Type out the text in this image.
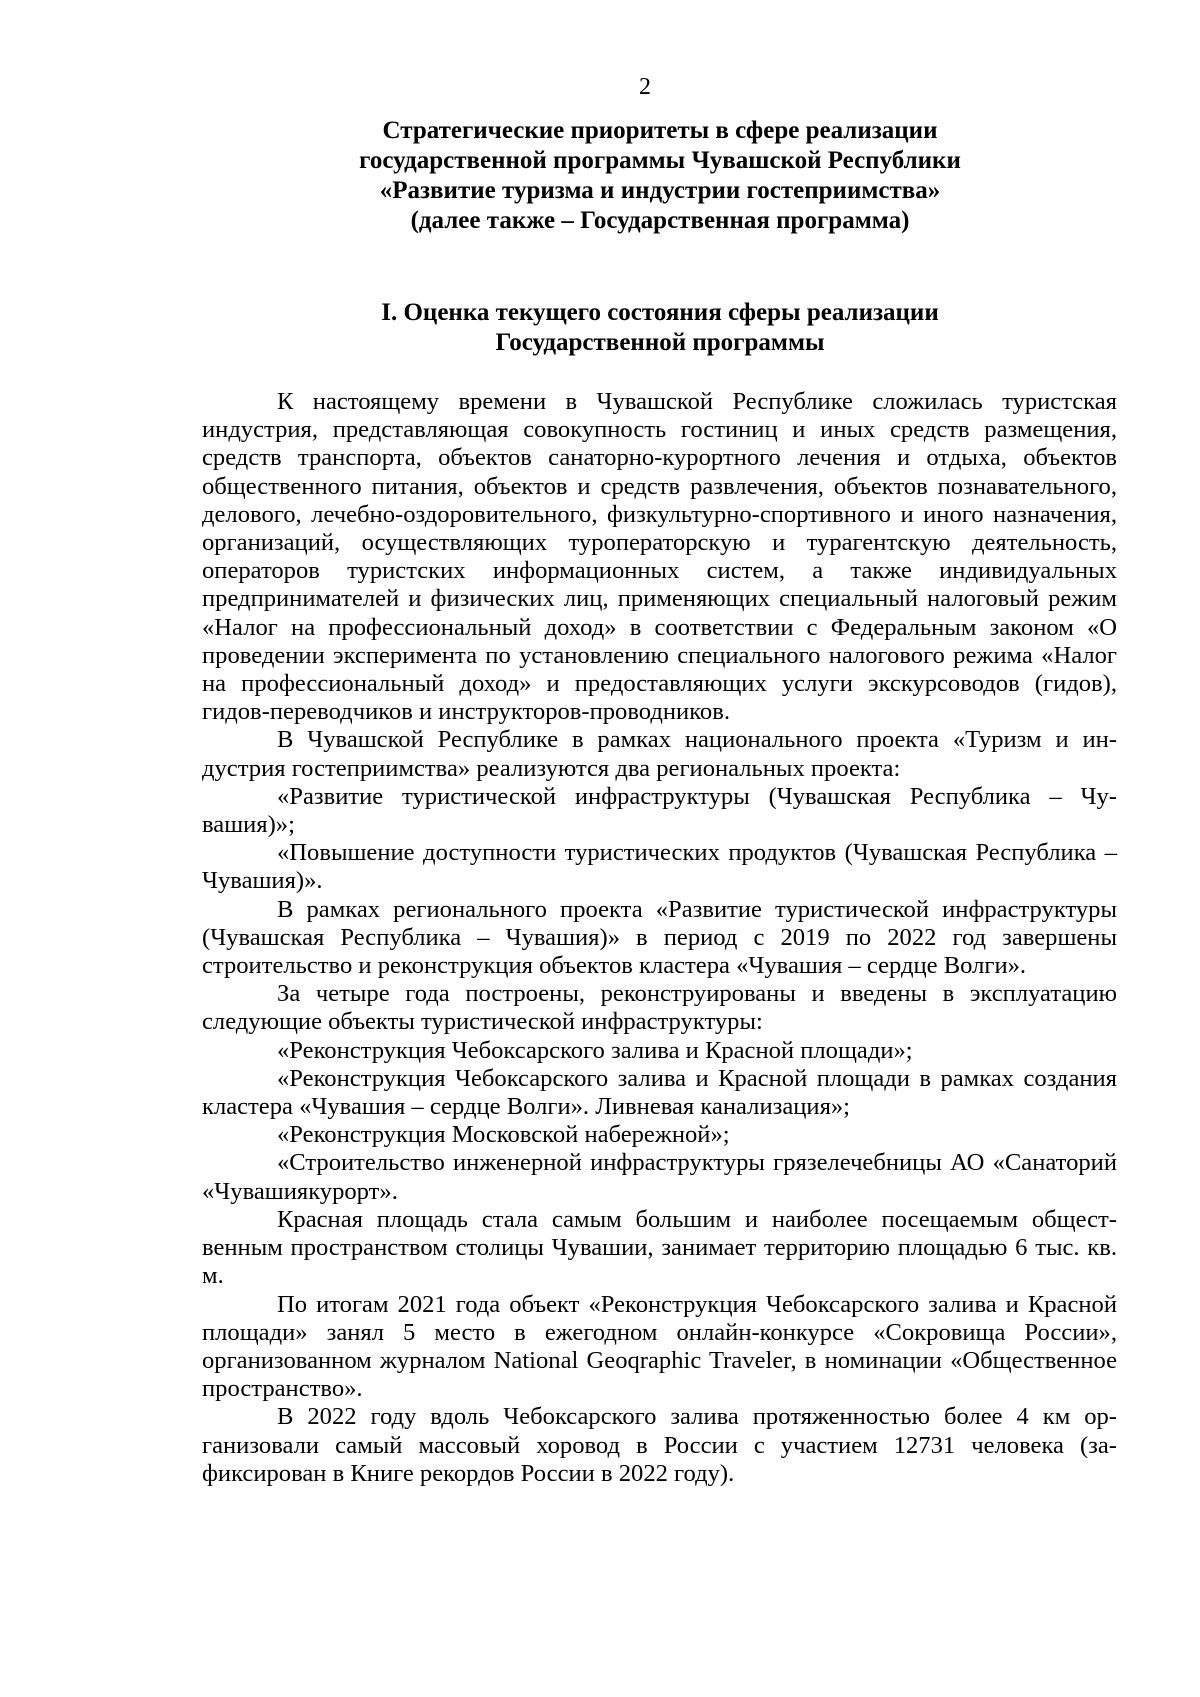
2
Стратегические приоритеты в сфере реализации
государственной программы Чувашской Республики
«Развитие туризма и индустрии гостеприимства»
(далее также – Государственная программа)
I. Оценка текущего состояния сферы реализации
Государственной программы

К настоящему времени в Чувашской Республике сложилась туристская индустрия, представляющая совокупность гостиниц и иных средств размещения, средств транспорта, объектов санаторно-курортного лечения и отдыха, объектов общественного питания, объектов и средств развлечения, объектов познавательного, делового, лечебно-оздоровительного, физкультурно-спортивного и иного назначения, организаций, осуществляющих туроператорскую и турагентскую деятельность, операторов туристских информационных систем, а также индивидуальных предпринимателей и физических лиц, применяющих специальный налоговый режим «Налог на профессиональный доход» в соответствии с Федеральным законом «О проведении эксперимента по установлению специального налогового режима «Налог на профессиональный доход» и предоставляющих услуги экскурсоводов (гидов), гидов-переводчиков и инструкторов-проводников.

В Чувашской Республике в рамках национального проекта «Туризм и индустрия гостеприимства» реализуются два региональных проекта:

«Развитие туристической инфраструктуры (Чувашская Республика – Чувашия)»;

«Повышение доступности туристических продуктов (Чувашская Республика – Чувашия)».

В рамках регионального проекта «Развитие туристической инфраструктуры (Чувашская Республика – Чувашия)» в период с 2019 по 2022 год завершены строительство и реконструкция объектов кластера «Чувашия – сердце Волги».

За четыре года построены, реконструированы и введены в эксплуатацию следующие объекты туристической инфраструктуры:

«Реконструкция Чебоксарского залива и Красной площади»;

«Реконструкция Чебоксарского залива и Красной площади в рамках создания кластера «Чувашия – сердце Волги». Ливневая канализация»;

«Реконструкция Московской набережной»;

«Строительство инженерной инфраструктуры грязелечебницы АО «Санаторий «Чувашиякурорт».

Красная площадь стала самым большим и наиболее посещаемым общественным пространством столицы Чувашии, занимает территорию площадью 6 тыс. кв. м.

По итогам 2021 года объект «Реконструкция Чебоксарского залива и Красной площади» занял 5 место в ежегодном онлайн-конкурсе «Сокровища России», организованном журналом National Geoqraphic Traveler, в номинации «Общественное пространство».

В 2022 году вдоль Чебоксарского залива протяженностью более 4 км организовали самый массовый хоровод в России с участием 12731 человека (зафиксирован в Книге рекордов России в 2022 году).
